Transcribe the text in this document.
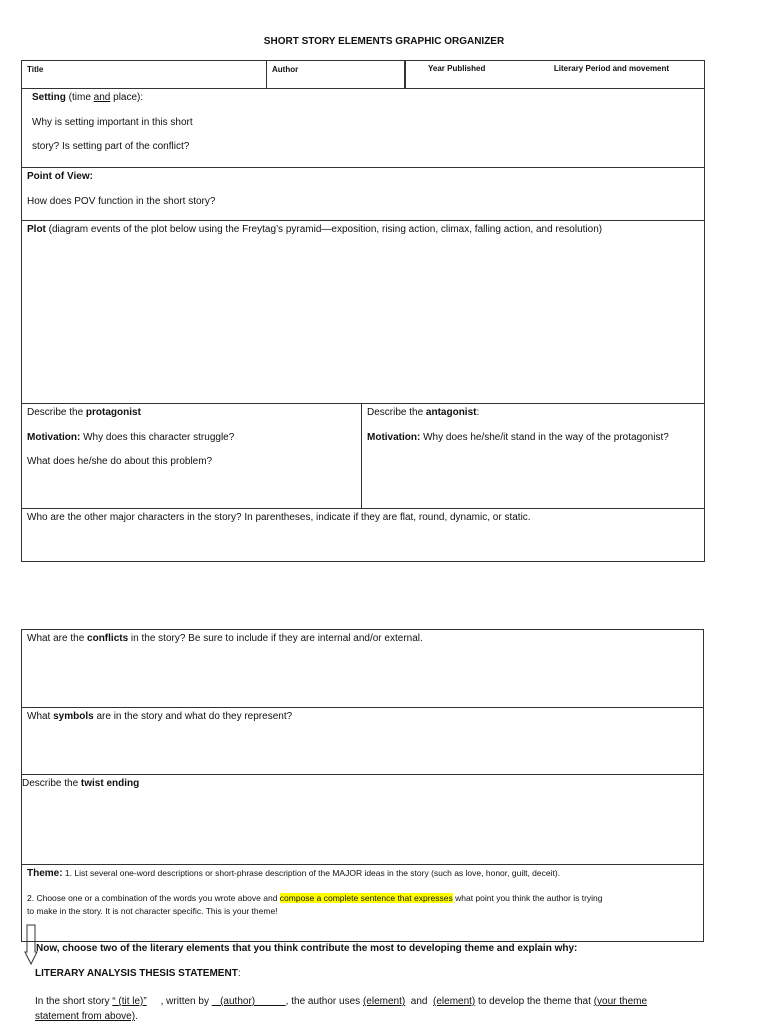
SHORT STORY ELEMENTS GRAPHIC ORGANIZER
Title	Author	Year Published	Literary Period and movement

Setting (time and place):
Why is setting important in this short
story? Is setting part of the conflict?

Point of View:
How does POV function in the short story?

Plot (diagram events of the plot below using the Freytag’s pyramid—exposition, rising action, climax, falling action, and resolution)

Describe the protagonist
Motivation: Why does this character struggle?
What does he/she do about this problem?
Describe the antagonist:
Motivation: Why does he/she/it stand in the way of the protagonist?

Who are the other major characters in the story? In parentheses, indicate if they are flat, round, dynamic, or static.
What are the conflicts in the story? Be sure to include if they are internal and/or external.
What symbols are in the story and what do they represent?
Describe the twist ending

Theme: 1. List several one-word descriptions or short-phrase description of the MAJOR ideas in the story (such as love, honor, guilt, deceit).
2. Choose one or a combination of the words you wrote above and compose a complete sentence that expresses what point you think the author is trying
to make in the story. It is not character specific. This is your theme!
Now, choose two of the literary elements that you think contribute the most to developing theme and explain why:
LITERARY ANALYSIS THESIS STATEMENT:
In the short story “ (tit le)”     , written by    (author)           , the author uses (element)  and  (element) to develop the theme that (your theme
statement from above).
